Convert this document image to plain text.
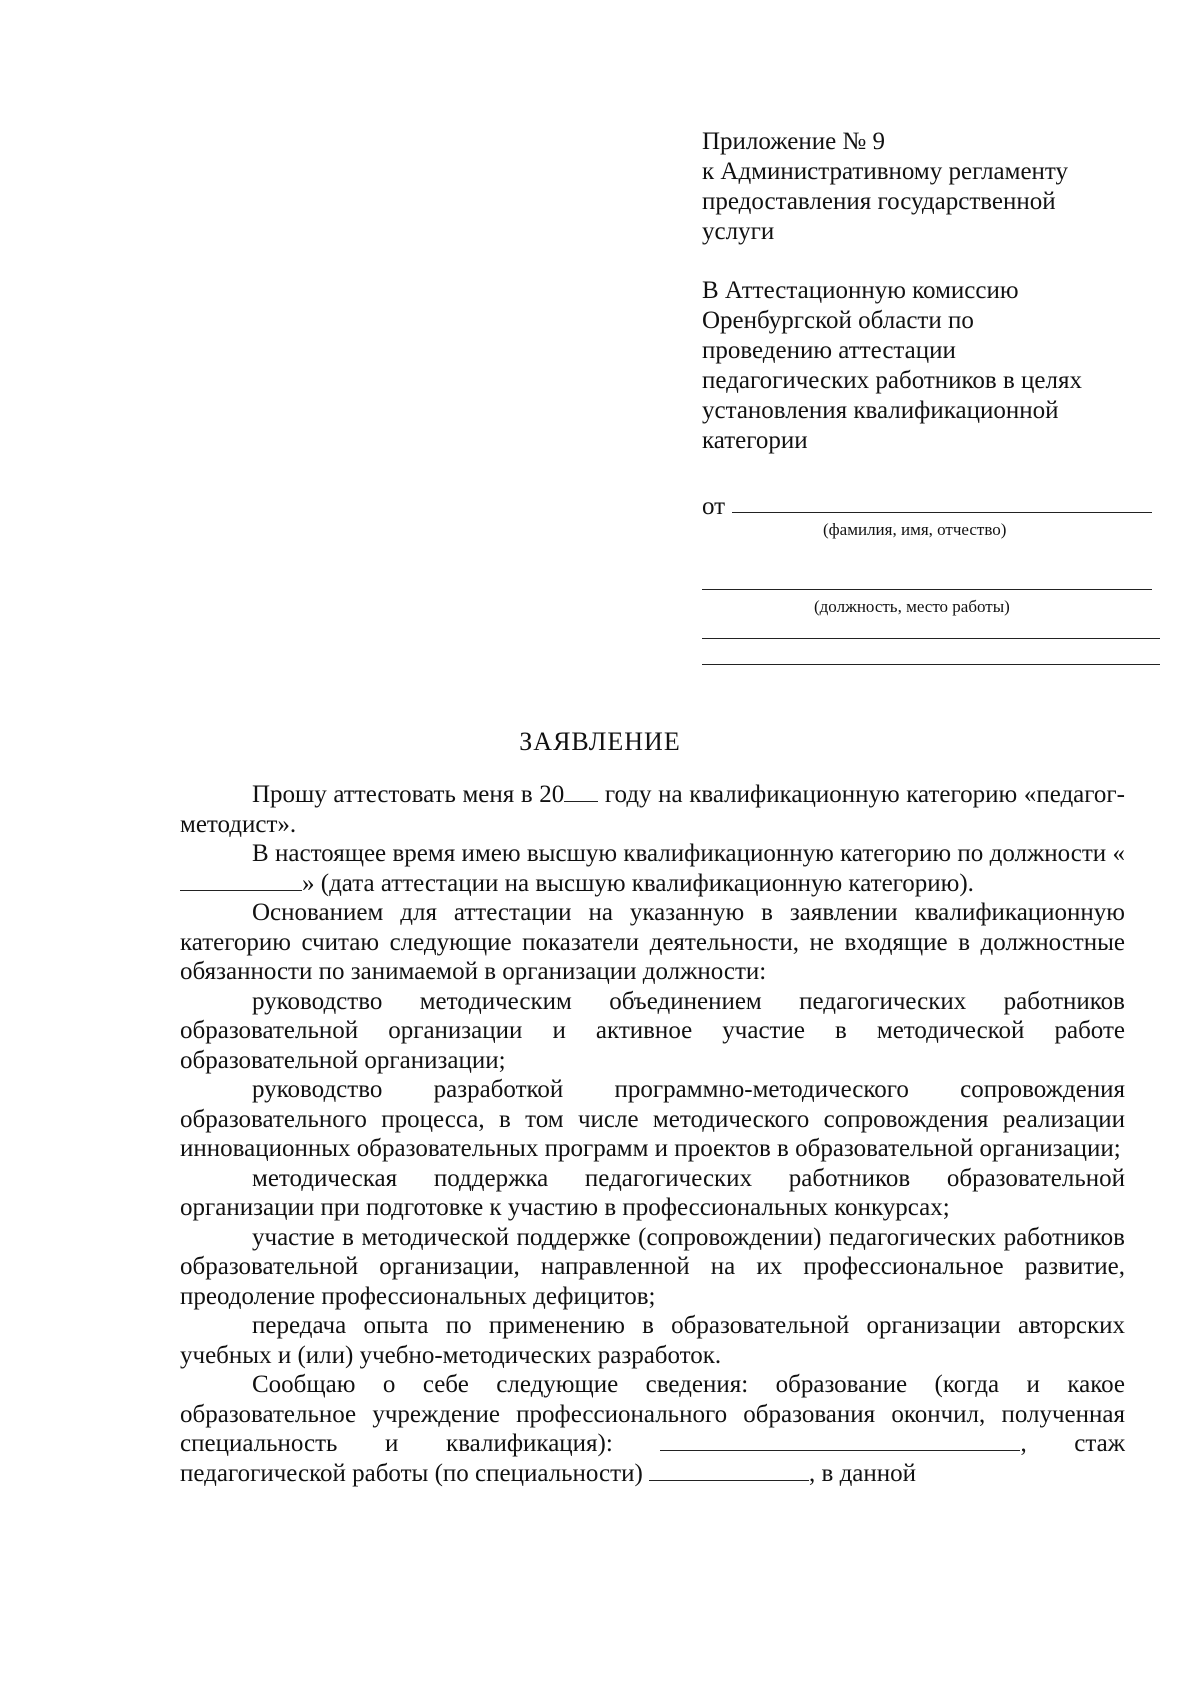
Приложение № 9
к Административному регламенту
предоставления государственной
услуги
В Аттестационную комиссию
Оренбургской области по
проведению аттестации
педагогических работников в целях
установления квалификационной
категории
от
(фамилия, имя, отчество)
(должность, место работы)
ЗАЯВЛЕНИЕ

Прошу аттестовать меня в 20 году на квалификационную категорию «педагог-методист».

В настоящее время имею высшую квалификационную категорию по должности «» (дата аттестации на высшую квалификационную категорию).

Основанием для аттестации на указанную в заявлении квалификационную категорию считаю следующие показатели деятельности, не входящие в должностные обязанности по занимаемой в организации должности:

руководство методическим объединением педагогических работников образовательной организации и активное участие в методической работе образовательной организации;

руководство разработкой программно-методического сопровождения образовательного процесса, в том числе методического сопровождения реализации инновационных образовательных программ и проектов в образовательной организации;

методическая поддержка педагогических работников образовательной организации при подготовке к участию в профессиональных конкурсах;

участие в методической поддержке (сопровождении) педагогических работников образовательной организации, направленной на их профессиональное развитие, преодоление профессиональных дефицитов;

передача опыта по применению в образовательной организации авторских учебных и (или) учебно-методических разработок.

Сообщаю о себе следующие сведения: образование (когда и какое образовательное учреждение профессионального образования окончил, полученная специальность и квалификация):	, стаж педагогической работы (по специальности)	, в данной
